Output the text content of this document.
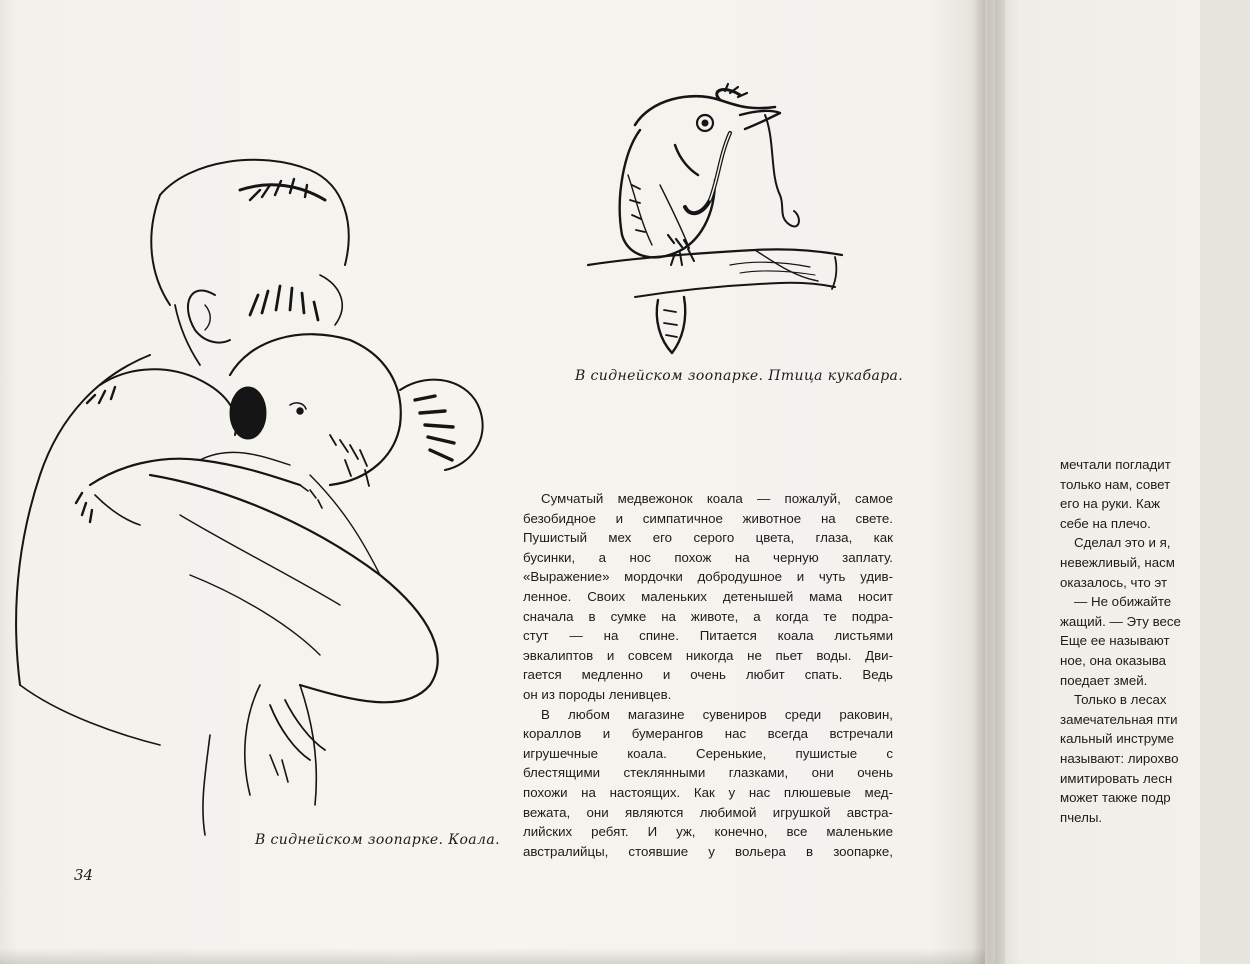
В сиднейском зоопарке. Птица кукабара.
В сиднейском зоопарке. Коала.
34
Сумчатый медвежонок коала — пожалуй, самое
безобидное и симпатичное животное на свете.
Пушистый мех его серого цвета, глаза, как
бусинки, а нос похож на черную заплату.
«Выражение» мордочки добродушное и чуть удив-
ленное. Своих маленьких детенышей мама носит
сначала в сумке на животе, а когда те подра-
стут — на спине. Питается коала листьями
эвкалиптов и совсем никогда не пьет воды. Дви-
гается медленно и очень любит спать. Ведь
он из породы ленивцев.
В любом магазине сувениров среди раковин,
кораллов и бумерангов нас всегда встречали
игрушечные коала. Серенькие, пушистые с
блестящими стеклянными глазками, они очень
похожи на настоящих. Как у нас плюшевые мед-
вежата, они являются любимой игрушкой австра-
лийских ребят. И уж, конечно, все маленькие
австралийцы, стоявшие у вольера в зоопарке,
мечтали погладит
только нам, совет
его на руки. Каж
себе на плечо.
Сделал это и я,
невежливый, насм
оказалось, что эт
— Не обижайте
жащий. — Эту весе
Еще ее называют
ное, она оказыва
поедает змей.
Только в лесах
замечательная пти
кальный инструме
называют: лирохво
имитировать лесн
может также подр
пчелы.
